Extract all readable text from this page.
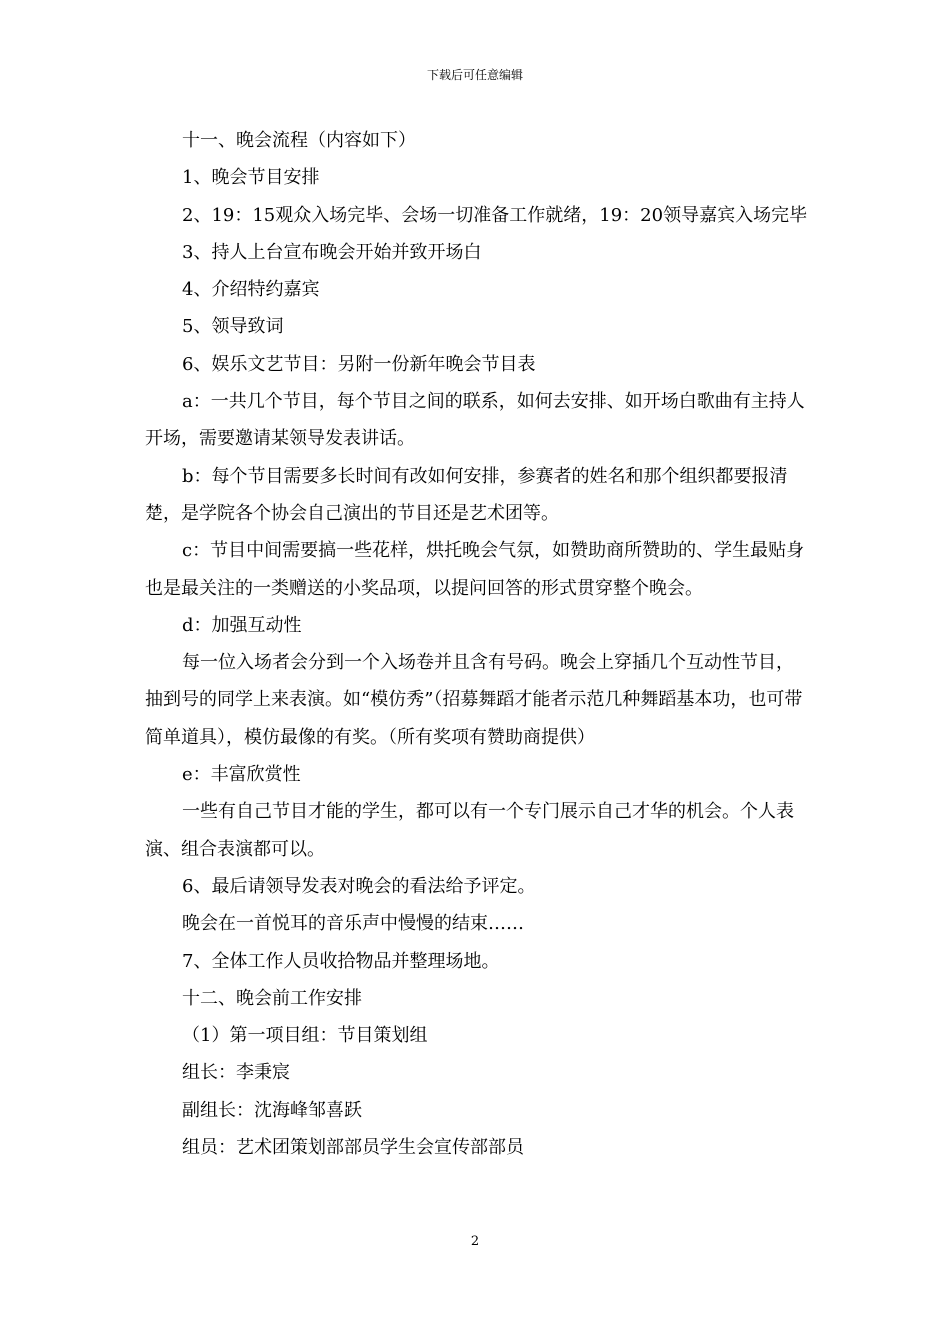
下载后可任意编辑

十一、晚会流程（内容如下）

1、晚会节目安排

2、19：15观众入场完毕、会场一切准备工作就绪，19：20领导嘉宾入场完毕

3、持人上台宣布晚会开始并致开场白

4、介绍特约嘉宾

5、领导致词

6、娱乐文艺节目：另附一份新年晚会节目表

a：一共几个节目，每个节目之间的联系，如何去安排、如开场白歌曲有主持人开场，需要邀请某领导发表讲话。

b：每个节目需要多长时间有改如何安排，参赛者的姓名和那个组织都要报清楚，是学院各个协会自己演出的节目还是艺术团等。

c：节目中间需要搞一些花样，烘托晚会气氛，如赞助商所赞助的、学生最贴身也是最关注的一类赠送的小奖品项，以提问回答的形式贯穿整个晚会。

d：加强互动性

每一位入场者会分到一个入场卷并且含有号码。晚会上穿插几个互动性节目，抽到号的同学上来表演。如“模仿秀”（招募舞蹈才能者示范几种舞蹈基本功，也可带简单道具），模仿最像的有奖。（所有奖项有赞助商提供）

e：丰富欣赏性

一些有自己节目才能的学生，都可以有一个专门展示自己才华的机会。个人表演、组合表演都可以。

6、最后请领导发表对晚会的看法给予评定。

晚会在一首悦耳的音乐声中慢慢的结束……

7、全体工作人员收拾物品并整理场地。

十二、晚会前工作安排

（1）第一项目组：节目策划组

组长：李秉宸

副组长：沈海峰邹喜跃

组员：艺术团策划部部员学生会宣传部部员

2
